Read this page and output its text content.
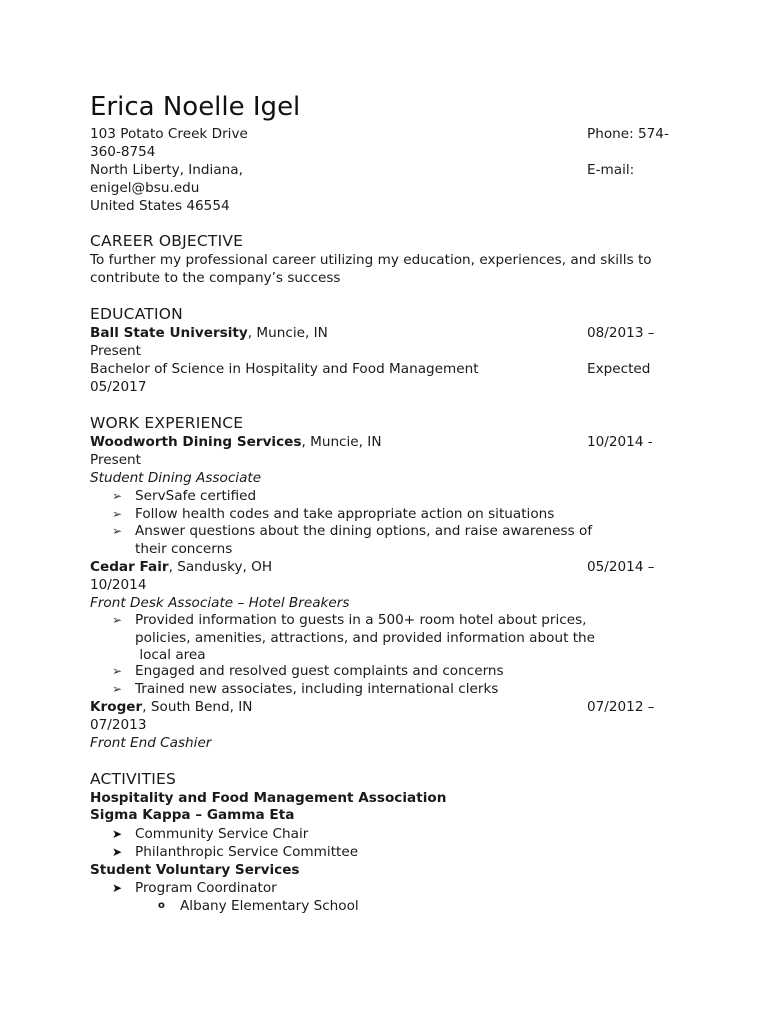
Erica Noelle Igel
103 Potato Creek Drive	Phone: 574-
360-8754
North Liberty, Indiana,	E-mail:
enigel@bsu.edu
United States 46554
CAREER OBJECTIVE
To further my professional career utilizing my education, experiences, and skills to
contribute to the company’s success
EDUCATION
Ball State University, Muncie, IN	08/2013 –
Present
Bachelor of Science in Hospitality and Food Management	Expected
05/2017
WORK EXPERIENCE
Woodworth Dining Services, Muncie, IN	10/2014 -
Present
Student Dining Associate
➢ ServSafe certified
➢ Follow health codes and take appropriate action on situations
➢ Answer questions about the dining options, and raise awareness of
their concerns
Cedar Fair, Sandusky, OH	05/2014 –
10/2014
Front Desk Associate – Hotel Breakers
➢ Provided information to guests in a 500+ room hotel about prices,
policies, amenities, attractions, and provided information about the
local area
➢ Engaged and resolved guest complaints and concerns
➢ Trained new associates, including international clerks
Kroger, South Bend, IN	07/2012 –
07/2013
Front End Cashier
ACTIVITIES
Hospitality and Food Management Association
Sigma Kappa – Gamma Eta
➤ Community Service Chair
➤ Philanthropic Service Committee
Student Voluntary Services
➤ Program Coordinator
o Albany Elementary School
